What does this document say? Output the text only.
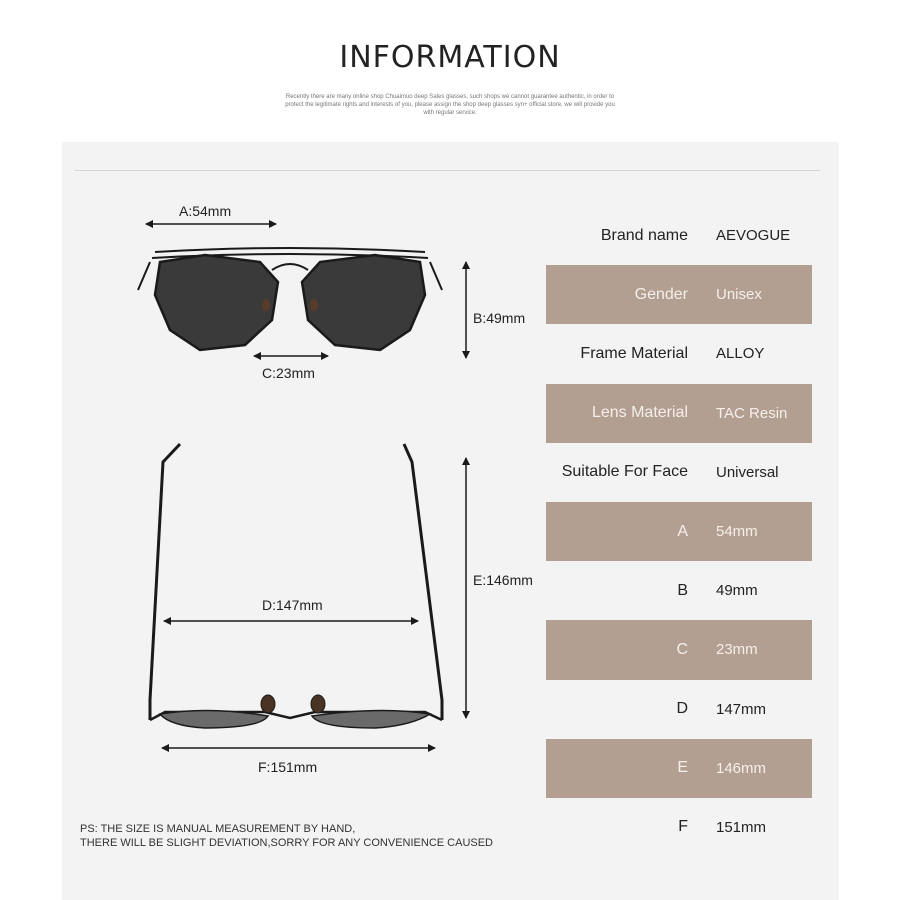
INFORMATION
Recently there are many online shop Chuaimuo deep Sales glasses, such shops we cannot guarantee authentic, in order to protect the legitimate rights and interests of you, please assign the shop deep glasses syn+ official store, we will provide you with regular service.
A:54mm
B:49mm
C:23mm
D:147mm
E:146mm
F:151mm
Brand name AEVOGUE
Gender Unisex
Frame Material ALLOY
Lens Material TAC Resin
Suitable For Face Universal
A 54mm
B 49mm
C 23mm
D 147mm
E 146mm
F 151mm
PS: THE SIZE IS MANUAL MEASUREMENT BY HAND,
THERE WILL BE SLIGHT DEVIATION,SORRY FOR ANY CONVENIENCE CAUSED
